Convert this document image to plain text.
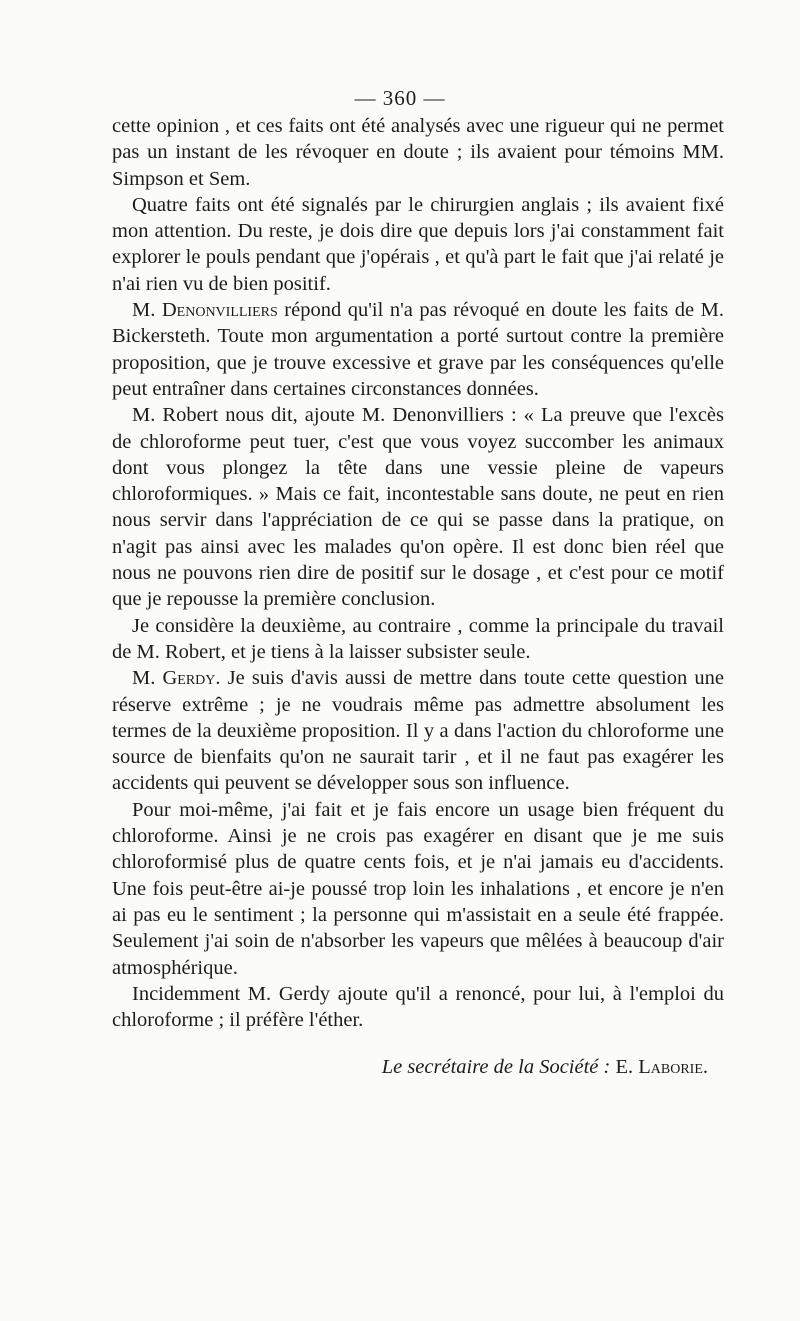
— 360 —

cette opinion , et ces faits ont été analysés avec une rigueur qui ne permet pas un instant de les révoquer en doute ; ils avaient pour témoins MM. Simpson et Sem.

Quatre faits ont été signalés par le chirurgien anglais ; ils avaient fixé mon attention. Du reste, je dois dire que depuis lors j'ai constamment fait explorer le pouls pendant que j'opérais , et qu'à part le fait que j'ai relaté je n'ai rien vu de bien positif.

M. Denonvilliers répond qu'il n'a pas révoqué en doute les faits de M. Bickersteth. Toute mon argumentation a porté surtout contre la première proposition, que je trouve excessive et grave par les conséquences qu'elle peut entraîner dans certaines circonstances données.

M. Robert nous dit, ajoute M. Denonvilliers : « La preuve que l'excès de chloroforme peut tuer, c'est que vous voyez succomber les animaux dont vous plongez la tête dans une vessie pleine de vapeurs chloroformiques. » Mais ce fait, incontestable sans doute, ne peut en rien nous servir dans l'appréciation de ce qui se passe dans la pratique, on n'agit pas ainsi avec les malades qu'on opère. Il est donc bien réel que nous ne pouvons rien dire de positif sur le dosage , et c'est pour ce motif que je repousse la première conclusion.

Je considère la deuxième, au contraire , comme la principale du travail de M. Robert, et je tiens à la laisser subsister seule.

M. Gerdy. Je suis d'avis aussi de mettre dans toute cette question une réserve extrême ; je ne voudrais même pas admettre absolument les termes de la deuxième proposition. Il y a dans l'action du chloroforme une source de bienfaits qu'on ne saurait tarir , et il ne faut pas exagérer les accidents qui peuvent se développer sous son influence.

Pour moi-même, j'ai fait et je fais encore un usage bien fréquent du chloroforme. Ainsi je ne crois pas exagérer en disant que je me suis chloroformisé plus de quatre cents fois, et je n'ai jamais eu d'accidents. Une fois peut-être ai-je poussé trop loin les inhalations , et encore je n'en ai pas eu le sentiment ; la personne qui m'assistait en a seule été frappée. Seulement j'ai soin de n'absorber les vapeurs que mêlées à beaucoup d'air atmosphérique.

Incidemment M. Gerdy ajoute qu'il a renoncé, pour lui, à l'emploi du chloroforme ; il préfère l'éther.

Le secrétaire de la Société : E. Laborie.
